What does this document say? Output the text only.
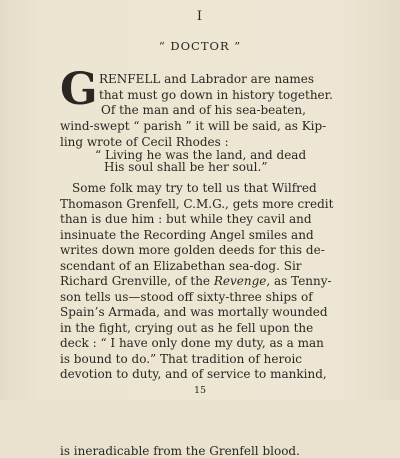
I
“ DOCTOR ”
G RENFELL and Labrador are names
that must go down in history together.
Of the man and of his sea-beaten,
wind-swept “ parish ” it will be said, as Kip-
ling wrote of Cecil Rhodes :
“ Living he was the land, and dead
His soul shall be her soul.”
Some folk may try to tell us that Wilfred
Thomason Grenfell, C.M.G., gets more credit
than is due him : but while they cavil and
insinuate the Recording Angel smiles and
writes down more golden deeds for this de-
scendant of an Elizabethan sea-dog. Sir
Richard Grenville, of the Revenge, as Tenny-
son tells us—stood off sixty-three ships of
Spain’s Armada, and was mortally wounded
in the fight, crying out as he fell upon the
deck : “ I have only done my duty, as a man
is bound to do.” That tradition of heroic
devotion to duty, and of service to mankind,
is ineradicable from the Grenfell blood.
15
